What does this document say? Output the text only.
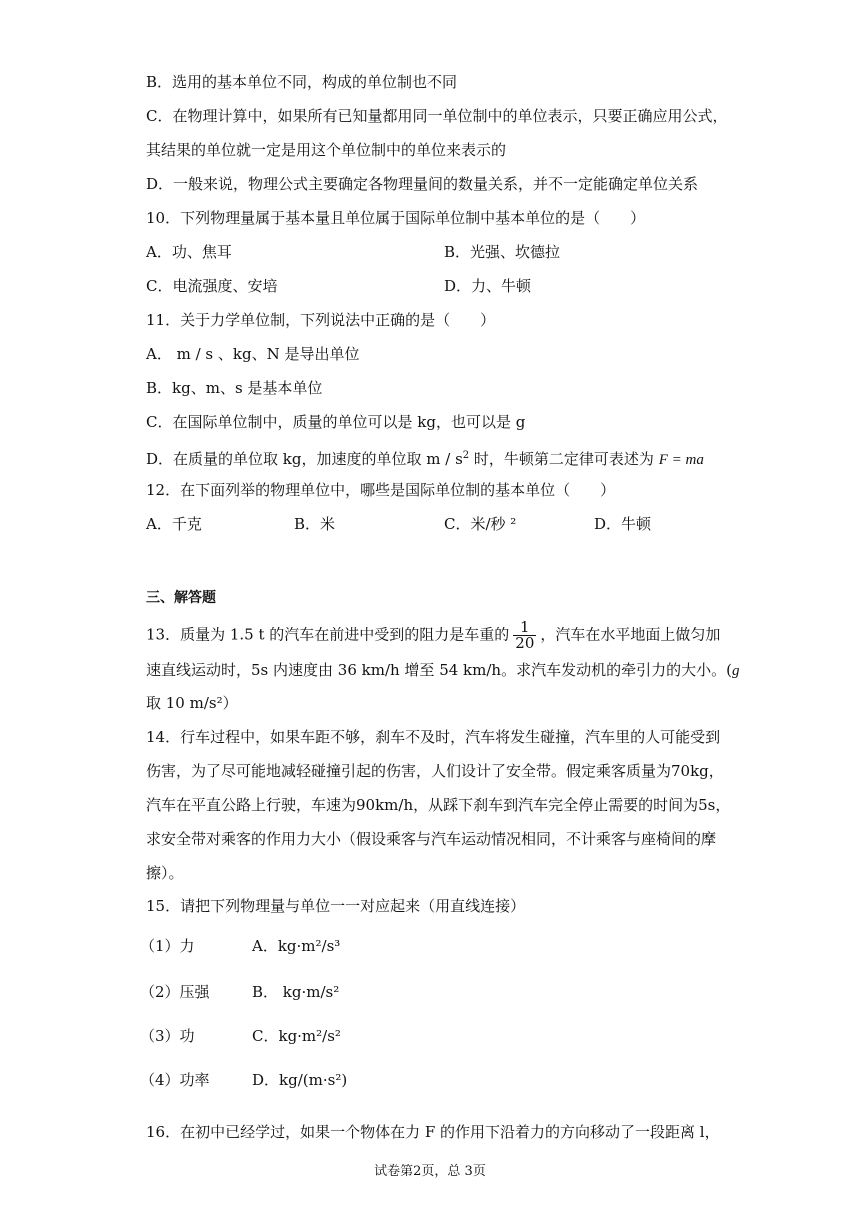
B．选用的基本单位不同，构成的单位制也不同
C．在物理计算中，如果所有已知量都用同一单位制中的单位表示，只要正确应用公式，
其结果的单位就一定是用这个单位制中的单位来表示的
D．一般来说，物理公式主要确定各物理量间的数量关系，并不一定能确定单位关系
10．下列物理量属于基本量且单位属于国际单位制中基本单位的是（　　）
A．功、焦耳	B．光强、坎德拉
C．电流强度、安培	D．力、牛顿
11．关于力学单位制，下列说法中正确的是（　　）
A． m / s 、kg、N 是导出单位
B．kg、m、s 是基本单位
C．在国际单位制中，质量的单位可以是 kg，也可以是 g
D．在质量的单位取 kg，加速度的单位取 m / $s^2$ 时，牛顿第二定律可表述为 F = ma
12．在下面列举的物理单位中，哪些是国际单位制的基本单位（　　）
A．千克	B．米	C．米/秒 ²	D．牛顿
三、解答题
13．质量为 1.5 t 的汽车在前进中受到的阻力是车重的 $\frac{1}{20}$ ，汽车在水平地面上做匀加
速直线运动时，5s 内速度由 36 km/h 增至 54 km/h。求汽车发动机的牵引力的大小。(g
取 10 m/s²）
14．行车过程中，如果车距不够，刹车不及时，汽车将发生碰撞，汽车里的人可能受到
伤害，为了尽可能地减轻碰撞引起的伤害，人们设计了安全带。假定乘客质量为70kg，
汽车在平直公路上行驶，车速为90km/h，从踩下刹车到汽车完全停止需要的时间为5s，
求安全带对乘客的作用力大小（假设乘客与汽车运动情况相同，不计乘客与座椅间的摩
擦）。
15．请把下列物理量与单位一一对应起来（用直线连接）
（1）力	A．kg·m²/s³
（2）压强	B． kg·m/s²
（3）功	C．kg·m²/s²
（4）功率	D．kg/(m·s²)
16．在初中已经学过，如果一个物体在力 F 的作用下沿着力的方向移动了一段距离 l，
试卷第2页，总 3页
